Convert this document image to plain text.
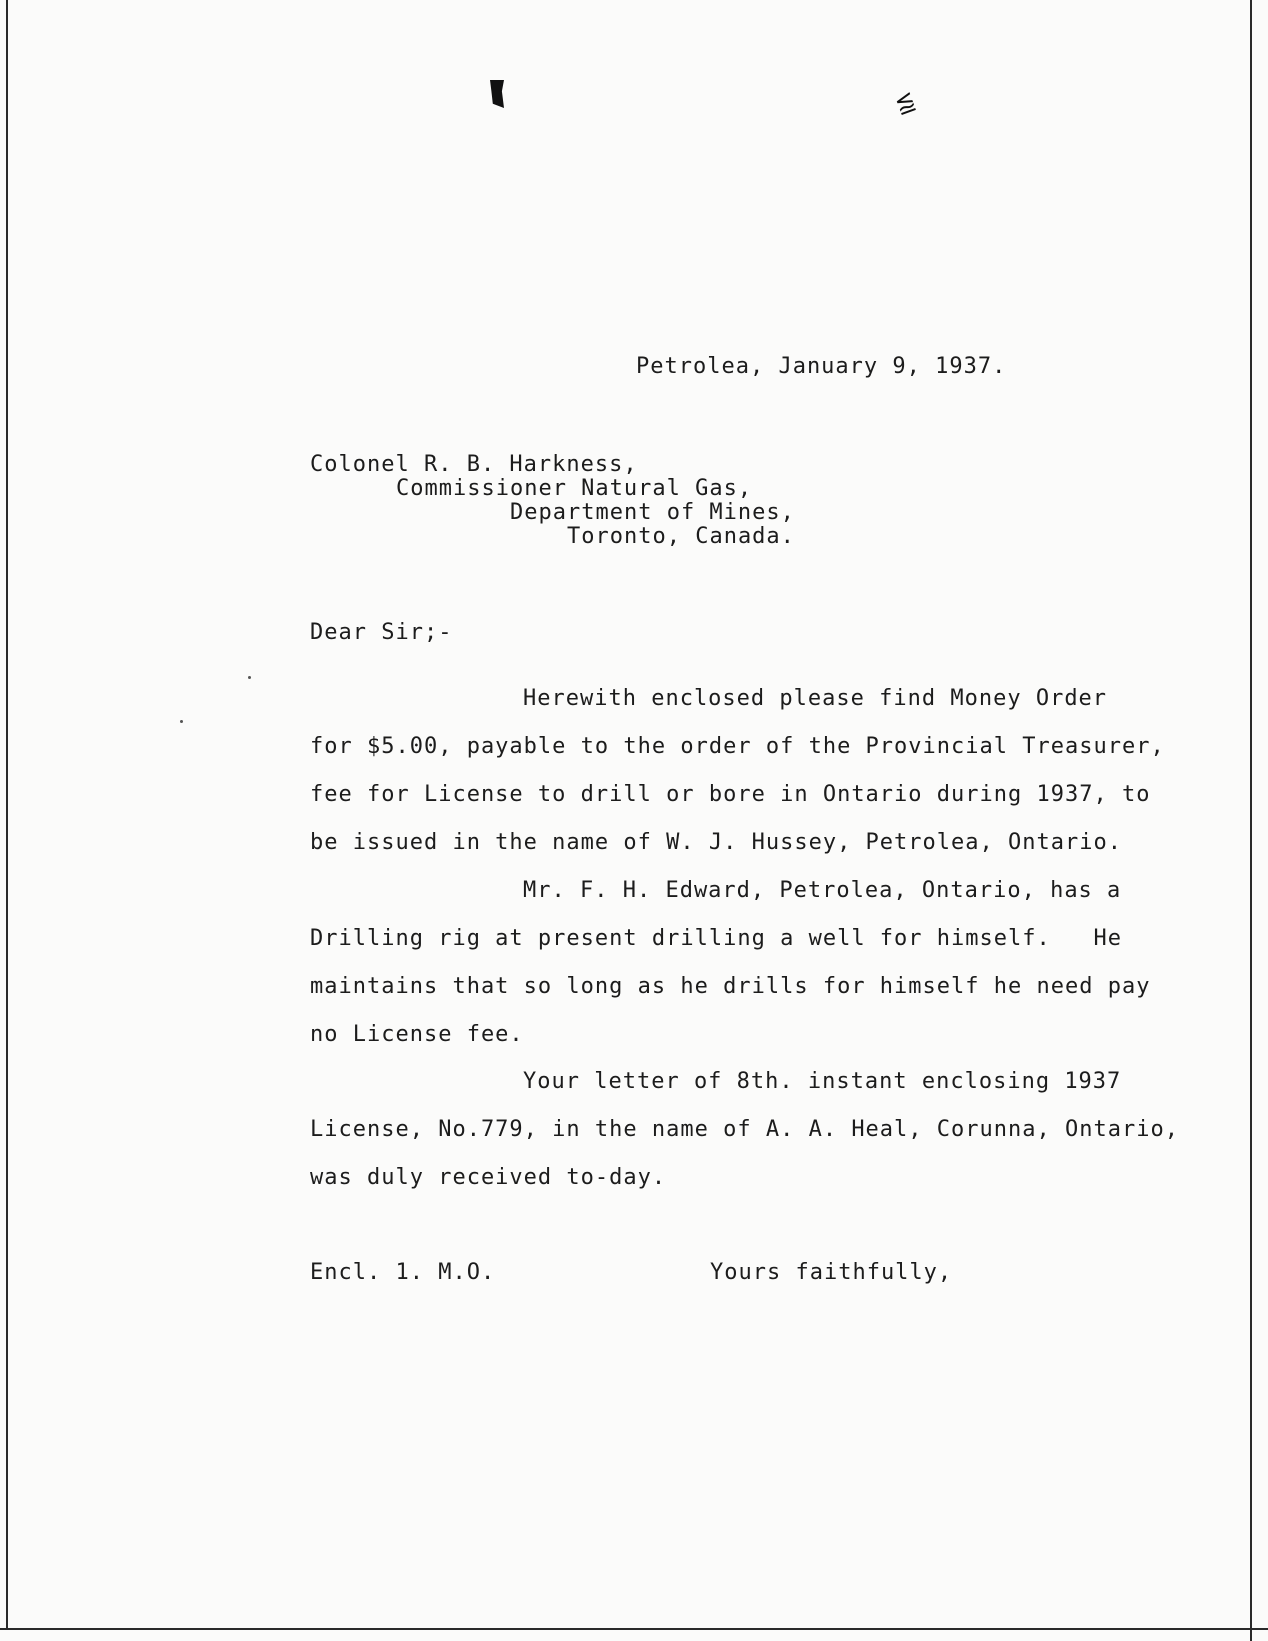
⪍
Petrolea, January 9, 1937.
Colonel R. B. Harkness,
Commissioner Natural Gas,
Department of Mines,
Toronto, Canada.
Dear Sir;-
Herewith enclosed please find Money Order
for $5.00, payable to the order of the Provincial Treasurer,
fee for License to drill or bore in Ontario during 1937, to
be issued in the name of W. J. Hussey, Petrolea, Ontario.
Mr. F. H. Edward, Petrolea, Ontario, has a
Drilling rig at present drilling a well for himself.   He
maintains that so long as he drills for himself he need pay
no License fee.
Your letter of 8th. instant enclosing 1937
License, No.779, in the name of A. A. Heal, Corunna, Ontario,
was duly received to-day.
Encl. 1. M.O.	Yours faithfully,
